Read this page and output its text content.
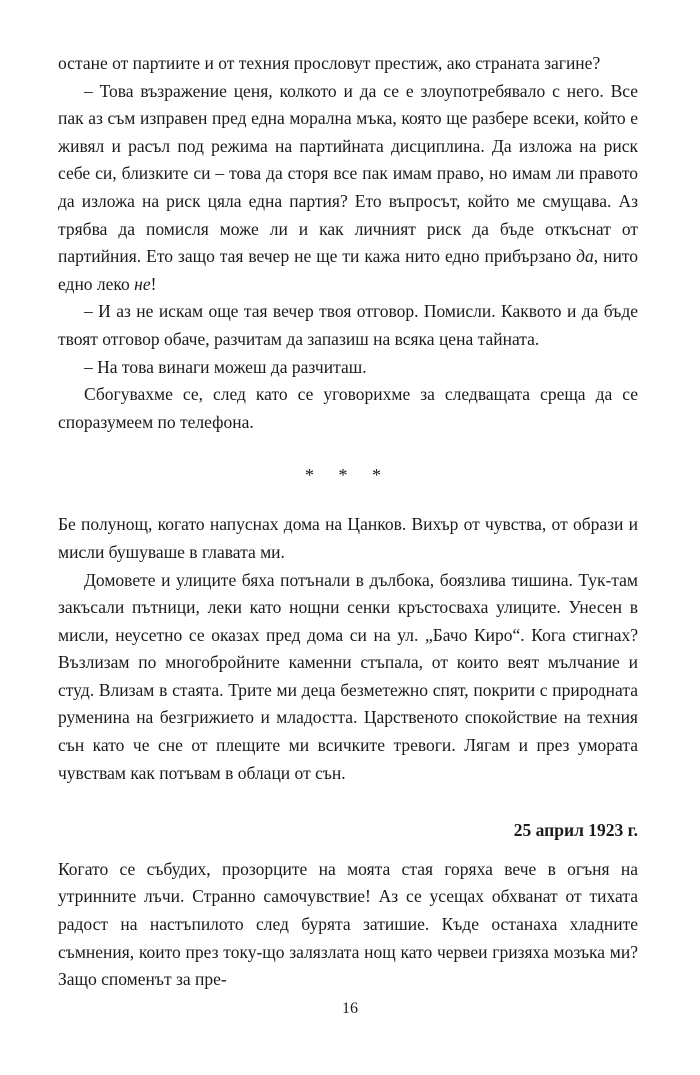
остане от партиите и от техния прословут престиж, ако страната загине?

– Това възражение ценя, колкото и да се е злоупотребявало с него. Все пак аз съм изправен пред една морална мъка, която ще разбере всеки, който е живял и расъл под режима на партийната дисциплина. Да изложа на риск себе си, близките си – това да сторя все пак имам право, но имам ли правото да изложа на риск цяла една партия? Ето въпросът, който ме смущава. Аз трябва да помисля може ли и как личният риск да бъде откъснат от партийния. Ето защо тая вечер не ще ти кажа нито едно прибързано да, нито едно леко не!

– И аз не искам още тая вечер твоя отговор. Помисли. Каквото и да бъде твоят отговор обаче, разчитам да запазиш на всяка цена тайната.

– На това винаги можеш да разчиташ.

Сбогувахме се, след като се уговорихме за следващата среща да се споразумеем по телефона.

* * *

Бе полунощ, когато напуснах дома на Цанков. Вихър от чувства, от образи и мисли бушуваше в главата ми.

Домовете и улиците бяха потънали в дълбока, боязлива тишина. Тук-там закъсали пътници, леки като нощни сенки кръстосваха улиците. Унесен в мисли, неусетно се оказах пред дома си на ул. „Бачо Киро“. Кога стигнах? Възлизам по многобройните каменни стъпала, от които веят мълчание и студ. Влизам в стаята. Трите ми деца безметежно спят, покрити с природната руменина на безгрижието и младостта. Царственото спокойствие на техния сън като че сне от плещите ми всичките тревоги. Лягам и през умората чувствам как потъвам в облаци от сън.

25 април 1923 г.

Когато се събудих, прозорците на моята стая горяха вече в огъня на утринните лъчи. Странно самочувствие! Аз се усещах обхванат от тихата радост на настъпилото след бурята затишие. Къде останаха хладните съмнения, които през току-що залязлата нощ като червеи гризяха мозъка ми? Защо споменът за пре-

16
